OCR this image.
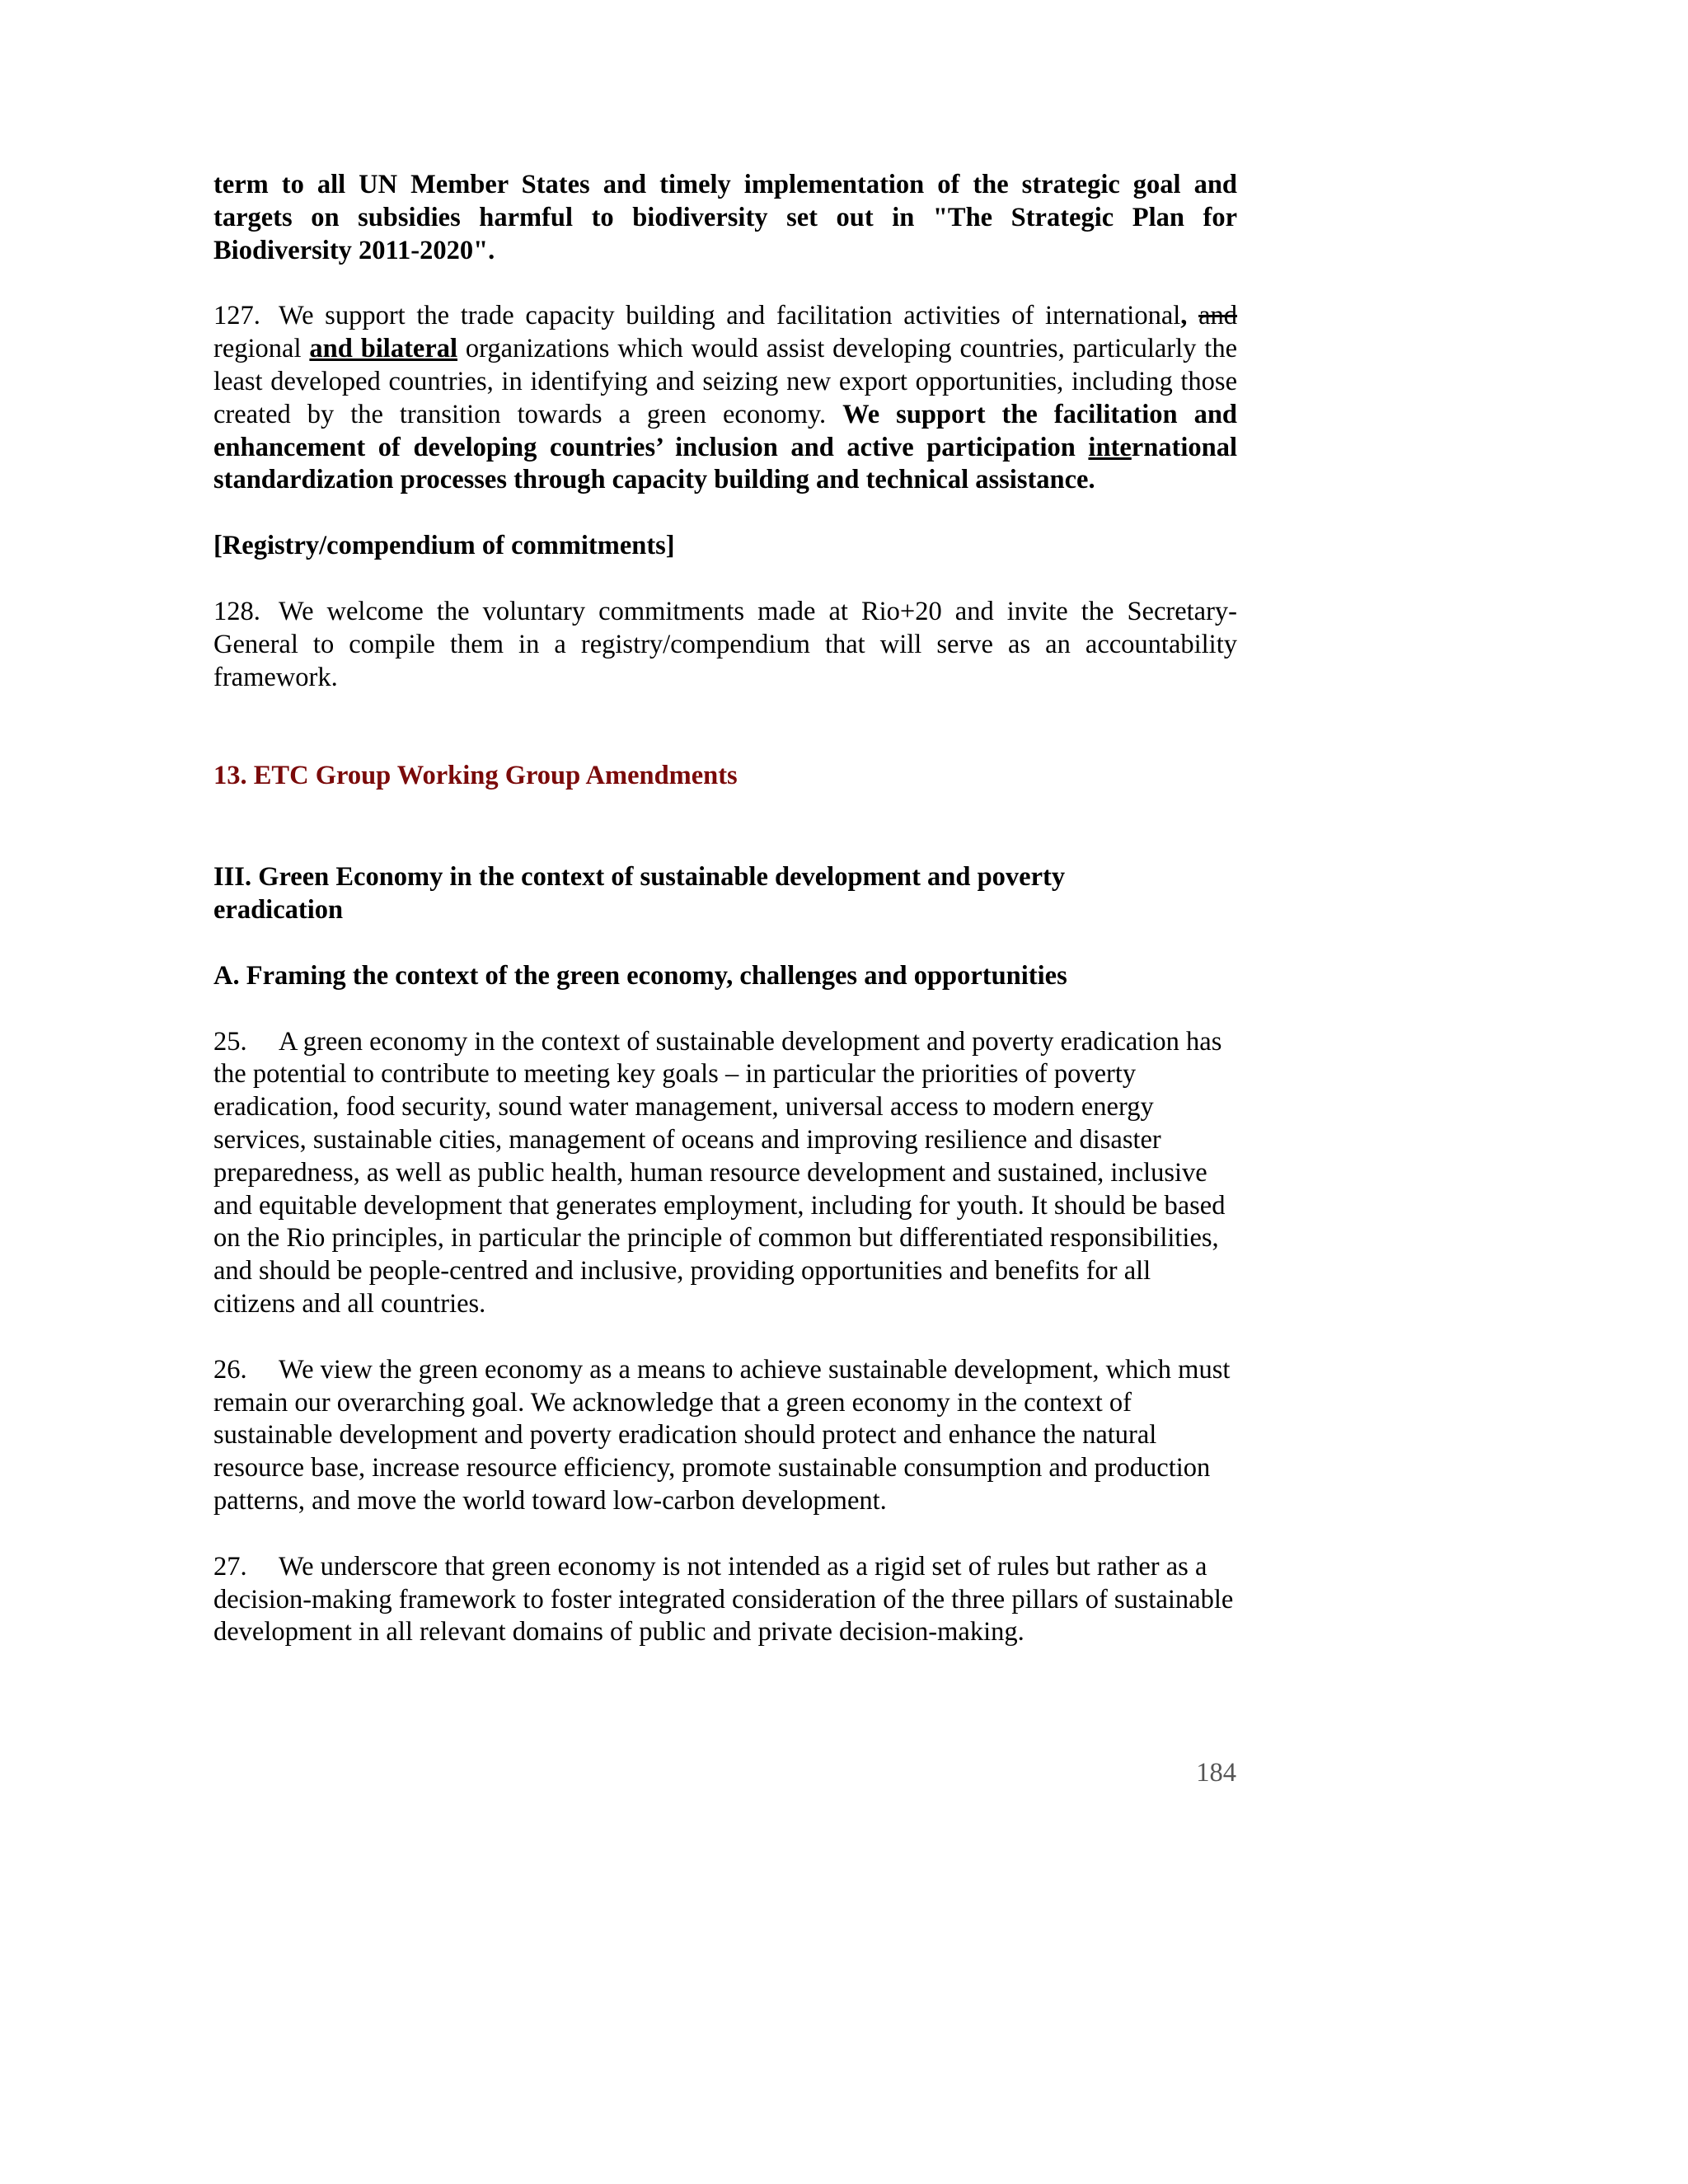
term to all UN Member States and timely implementation of the strategic goal and targets on subsidies harmful to biodiversity set out in "The Strategic Plan for Biodiversity 2011-2020".

127. We support the trade capacity building and facilitation activities of international, and regional and bilateral organizations which would assist developing countries, particularly the least developed countries, in identifying and seizing new export opportunities, including those created by the transition towards a green economy. We support the facilitation and enhancement of developing countries’ inclusion and active participation international standardization processes through capacity building and technical assistance.

[Registry/compendium of commitments]

128. We welcome the voluntary commitments made at Rio+20 and invite the Secretary-General to compile them in a registry/compendium that will serve as an accountability framework.

13. ETC Group Working Group Amendments

III. Green Economy in the context of sustainable development and poverty eradication

A. Framing the context of the green economy, challenges and opportunities

25. A green economy in the context of sustainable development and poverty eradication has the potential to contribute to meeting key goals – in particular the priorities of poverty eradication, food security, sound water management, universal access to modern energy services, sustainable cities, management of oceans and improving resilience and disaster preparedness, as well as public health, human resource development and sustained, inclusive and equitable development that generates employment, including for youth. It should be based on the Rio principles, in particular the principle of common but differentiated responsibilities, and should be people-centred and inclusive, providing opportunities and benefits for all citizens and all countries.

26. We view the green economy as a means to achieve sustainable development, which must remain our overarching goal. We acknowledge that a green economy in the context of sustainable development and poverty eradication should protect and enhance the natural resource base, increase resource efficiency, promote sustainable consumption and production patterns, and move the world toward low-carbon development.

27. We underscore that green economy is not intended as a rigid set of rules but rather as a decision-making framework to foster integrated consideration of the three pillars of sustainable development in all relevant domains of public and private decision-making.

184
